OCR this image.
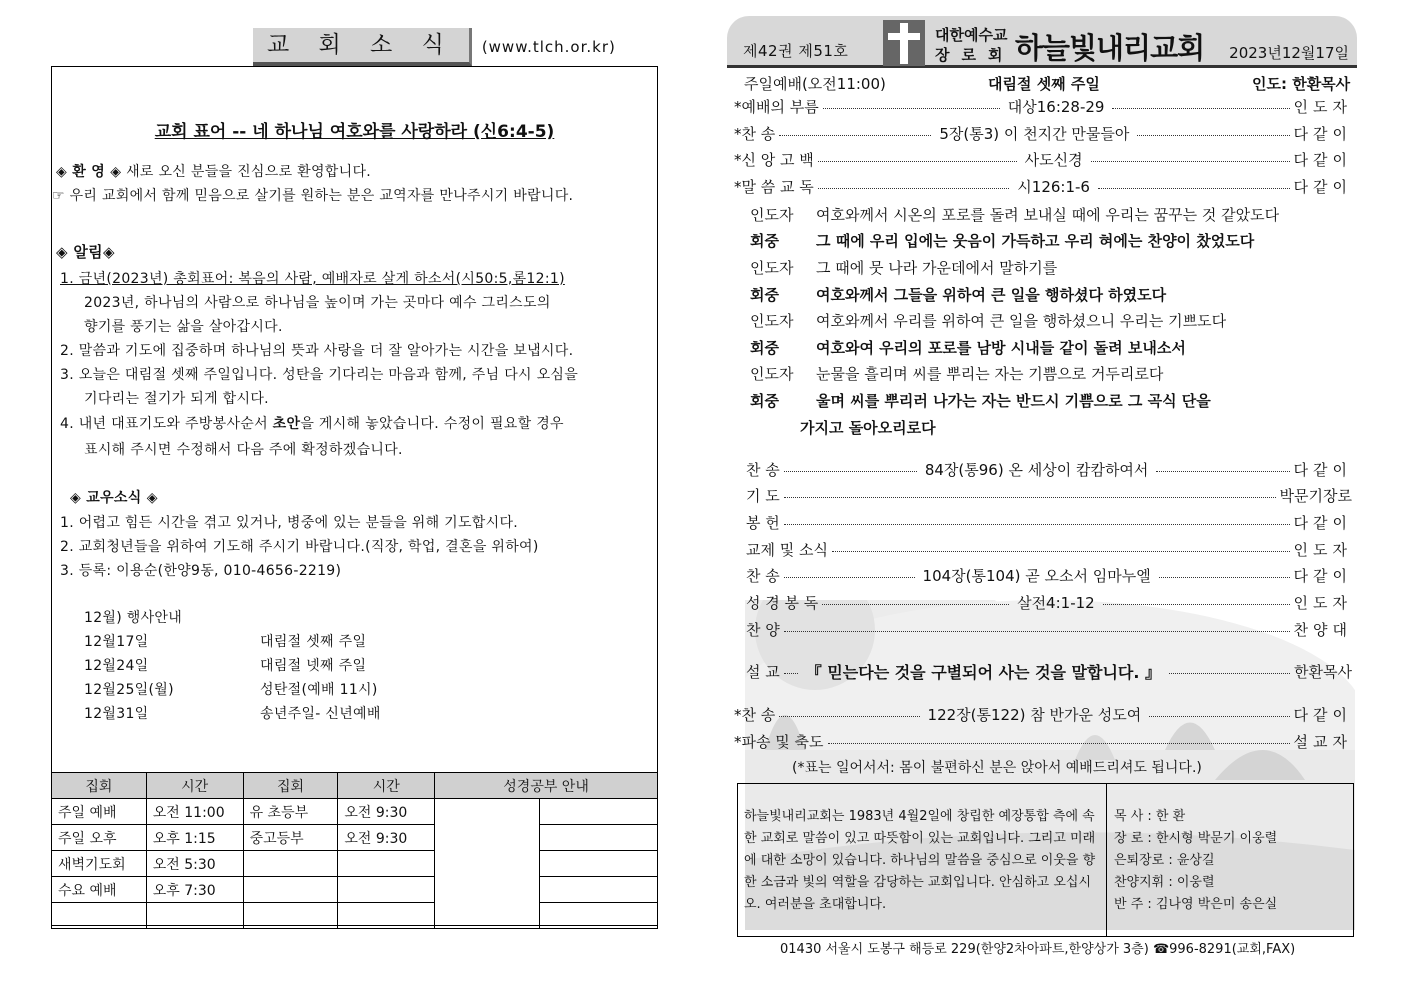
교 회 소 식	(www.tlch.or.kr)
교회 표어 -- 네 하나님 여호와를 사랑하라 (신6:4-5)
◈ 환 영 ◈ 새로 오신 분들을 진심으로 환영합니다.
☞ 우리 교회에서 함께 믿음으로 살기를 원하는 분은 교역자를 만나주시기 바랍니다.
◈ 알림◈
1. 금년(2023년) 총회표어: 복음의 사람, 예배자로 살게 하소서(시50:5,롬12:1)
2023년, 하나님의 사람으로 하나님을 높이며 가는 곳마다 예수 그리스도의
향기를 풍기는 삶을 살아갑시다.
2. 말씀과 기도에 집중하며 하나님의 뜻과 사랑을 더 잘 알아가는 시간을 보냅시다.
3. 오늘은 대림절 셋째 주일입니다. 성탄을 기다리는 마음과 함께, 주님 다시 오심을
기다리는 절기가 되게 합시다.
4. 내년 대표기도와 주방봉사순서 초안을 게시해 놓았습니다. 수정이 필요할 경우
표시해 주시면 수정해서 다음 주에 확정하겠습니다.
◈ 교우소식 ◈
1. 어렵고 힘든 시간을 겪고 있거나, 병중에 있는 분들을 위해 기도합시다.
2. 교회청년들을 위하여 기도해 주시기 바랍니다.(직장, 학업, 결혼을 위하여)
3. 등록: 이용순(한양9동, 010-4656-2219)
12월) 행사안내
12월17일	대림절 셋째 주일
12월24일	대림절 넷째 주일
12월25일(월)	성탄절(예배 11시)
12월31일	송년주일- 신년예배
집회	시간	집회	시간	성경공부 안내	
주일 예배	오전 11:00	유 초등부	오전 9:30		
주일 오후	오후 1:15	중고등부	오전 9:30		
새벽기도회	오전 5:30				
수요 예배	오후 7:30				

제42권 제51호
대한예수교
장로회 하늘빛내리교회 2023년12월17일
주일예배(오전11:00)	대림절 셋째 주일	인도: 한환목사
*예배의 부름	대상16:28-29	인도자
*찬 송	5장(통3) 이 천지간 만물들아	다같이
*신 앙 고 백	사도신경	다같이
*말 씀 교 독	시126:1-6	다같이
인도자 여호와께서 시온의 포로를 돌려 보내실 때에 우리는 꿈꾸는 것 같았도다
회중 그 때에 우리 입에는 웃음이 가득하고 우리 혀에는 찬양이 찼었도다
인도자 그 때에 뭇 나라 가운데에서 말하기를
회중 여호와께서 그들을 위하여 큰 일을 행하셨다 하였도다
인도자 여호와께서 우리를 위하여 큰 일을 행하셨으니 우리는 기쁘도다
회중 여호와여 우리의 포로를 남방 시내들 같이 돌려 보내소서
인도자 눈물을 흘리며 씨를 뿌리는 자는 기쁨으로 거두리로다
회중 울며 씨를 뿌리러 나가는 자는 반드시 기쁨으로 그 곡식 단을
가지고 돌아오리로다
찬 송	84장(통96) 온 세상이 캄캄하여서	다같이
기 도	박문기장로
봉 헌	다같이
교제 및 소식	인도자
찬 송	104장(통104) 곧 오소서 임마누엘	다같이
성 경 봉 독	살전4:1-12	인도자
찬 양	찬양대
설 교 『 믿는다는 것을 구별되어 사는 것을 말합니다. 』	한환목사
*찬 송	122장(통122) 참 반가운 성도여	다같이
*파송 및 축도	설교자
(*표는 일어서서: 몸이 불편하신 분은 앉아서 예배드리셔도 됩니다.)
하늘빛내리교회는 1983년 4월2일에 창립한 예장통합 측에 속한 교회로 말씀이 있고 따뜻함이 있는 교회입니다. 그리고 미래에 대한 소망이 있습니다. 하나님의 말씀을 중심으로 이웃을 향한 소금과 빛의 역할을 감당하는 교회입니다. 안심하고 오십시오. 여러분을 초대합니다.
목 사 : 한 환
장 로 : 한시형 박문기 이웅렬
은퇴장로 : 윤상길
찬양지휘 : 이웅렬
반 주 : 김나영 박은미 송은실
01430 서울시 도봉구 해등로 229(한양2차아파트,한양상가 3층) ☎996-8291(교회,FAX)
